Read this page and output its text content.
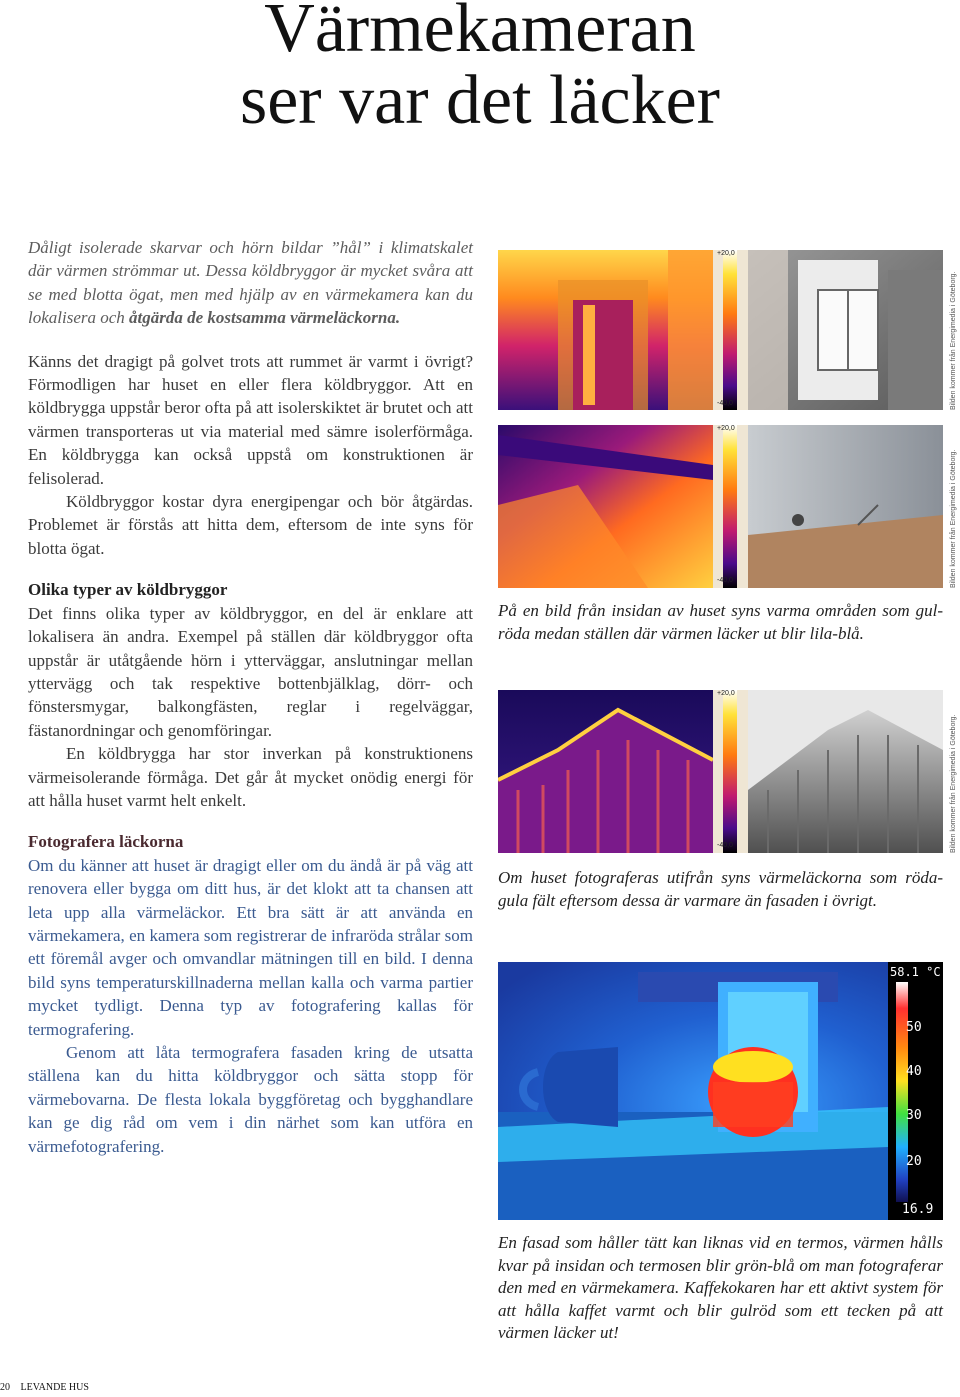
Värmekameran
ser var det läcker

Dåligt isolerade skarvar och hörn bildar ”hål” i klimatskalet där värmen strömmar ut. Dessa köldbryggor är mycket svåra att se med blotta ögat, men med hjälp av en värmekamera kan du lokalisera och åtgärda de kostsamma värmeläckorna.

Känns det dragigt på golvet trots att rummet är varmt i övrigt? Förmodligen har huset en eller flera köldbryggor. Att en köldbrygga uppstår beror ofta på att isolerskiktet är brutet och att värmen transporteras ut via material med sämre isolerförmåga. En köldbrygga kan också uppstå om konstruktionen är felisolerad.

Köldbryggor kostar dyra energipengar och bör åtgärdas. Problemet är förstås att hitta dem, eftersom de inte syns för blotta ögat.

Olika typer av köldbryggor

Det finns olika typer av köldbryggor, en del är enklare att lokalisera än andra. Exempel på ställen där köldbryggor ofta uppstår är utåtgående hörn i ytterväggar, anslutningar mellan yttervägg och tak respektive bottenbjälklag, dörr- och fönstersmygar, balkongfästen, reglar i regelväggar, fästanordningar och genomföringar.

En köldbrygga har stor inverkan på konstruktionens värmeisolerande förmåga. Det går åt mycket onödig energi för att hålla huset varmt helt enkelt.

Fotografera läckorna

Om du känner att huset är dragigt eller om du ändå är på väg att renovera eller bygga om ditt hus, är det klokt att ta chansen att leta upp alla värmeläckor. Ett bra sätt är att använda en värmekamera, en kamera som registrerar de infraröda strålar som ett föremål avger och omvandlar mätningen till en bild. I denna bild syns temperaturskillnaderna mellan kalla och varma partier mycket tydligt. Denna typ av fotografering kallas för termografering.

Genom att låta termografera fasaden kring de utsatta ställena kan du hitta köldbryggor och sätta stopp för värmebovarna. De flesta lokala byggföretag och bygghandlare kan ge dig råd om vem i din närhet som kan utföra en värmefotografering.

+20,0
-40,0	Bilden kommer från Energimedia i Göteborg.
+20,0
-40,0	Bilden kommer från Energimedia i Göteborg.
På en bild från insidan av huset syns varma områden som gul-röda medan ställen där värmen läcker ut blir lila-blå.
+20,0
-40,0	Bilden kommer från Energimedia i Göteborg.
Om huset fotograferas utifrån syns värmeläckorna som röda-gula fält eftersom dessa är varmare än fasaden i övrigt.
58.1 °C
50
40
30
20
16.9
En fasad som håller tätt kan liknas vid en termos, värmen hålls kvar på insidan och termosen blir grön-blå om man fotograferar den med en värmekamera. Kaffekokaren har ett aktivt system för att hålla kaffet varmt och blir gulröd som ett tecken på att värmen läcker ut!
20 LEVANDE HUS
